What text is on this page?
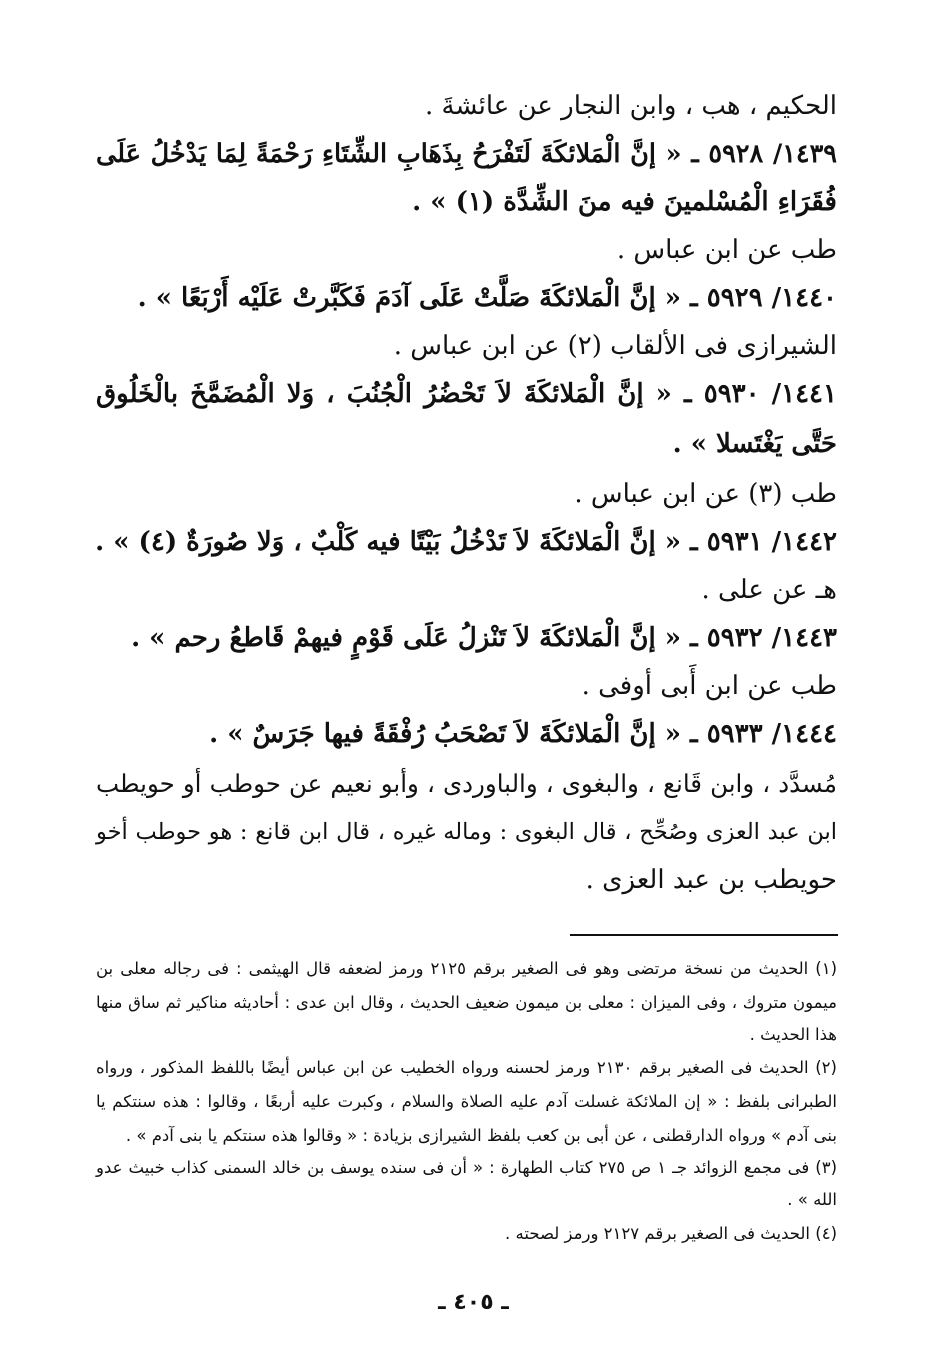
الحكيم ، هب ، وابن النجار عن عائشةَ .
١٤٣٩/ ٥٩٢٨ ـ « إنَّ الْمَلائكَةَ لَتَفْرَحُ بِذَهَابِ الشِّتَاءِ رَحْمَةً لِمَا يَدْخُلُ عَلَى
فُقَرَاءِ الْمُسْلمينَ فيه منَ الشِّدَّة (١) » .
طب عن ابن عباس .
١٤٤٠/ ٥٩٢٩ ـ « إنَّ الْمَلائكَةَ صَلَّتْ عَلَى آدَمَ فَكَبَّرتْ عَلَيْه أَرْبَعًا » .
الشيرازى فى الألقاب (٢) عن ابن عباس .
١٤٤١/ ٥٩٣٠ ـ « إنَّ الْمَلائكَةَ لاَ تَحْضُرُ الْجُنُبَ ، وَلا الْمُضَمَّخَ بالْخَلُوق
حَتَّى يَغْتَسلا » .
طب (٣) عن ابن عباس .
١٤٤٢/ ٥٩٣١ ـ « إنَّ الْمَلائكَةَ لاَ تَدْخُلُ بَيْتًا فيه كَلْبٌ ، وَلا صُورَةٌ (٤) » .
هـ عن على .
١٤٤٣/ ٥٩٣٢ ـ « إنَّ الْمَلائكَةَ لاَ تَنْزلُ عَلَى قَوْمٍ فيهمْ قَاطعُ رحم » .
طب عن ابن أَبى أوفى .
١٤٤٤/ ٥٩٣٣ ـ « إنَّ الْمَلائكَةَ لاَ تَصْحَبُ رُفْقَةً فيها جَرَسٌ » .
مُسدَّد ، وابن قَانع ، والبغوى ، والباوردى ، وأبو نعيم عن حوطب أو حويطب
ابن عبد العزى وصُحِّح ، قال البغوى : وماله غيره ، قال ابن قانع : هو حوطب أخو
حويطب بن عبد العزى .
(١) الحديث من نسخة مرتضى وهو فى الصغير برقم ٢١٢٥ ورمز لضعفه قال الهيثمى : فى رجاله معلى بن
ميمون متروك ، وفى الميزان : معلى بن ميمون ضعيف الحديث ، وقال ابن عدى : أحاديثه مناكير ثم ساق منها
هذا الحديث .
(٢) الحديث فى الصغير برقم ٢١٣٠ ورمز لحسنه ورواه الخطيب عن ابن عباس أيضًا باللفظ المذكور ، ورواه
الطبرانى بلفظ : « إن الملائكة غسلت آدم عليه الصلاة والسلام ، وكبرت عليه أربعًا ، وقالوا : هذه سنتكم يا
بنى آدم » ورواه الدارقطنى ، عن أبى بن كعب بلفظ الشيرازى بزيادة : « وقالوا هذه سنتكم يا بنى آدم » .
(٣) فى مجمع الزوائد جـ ١ ص ٢٧٥ كتاب الطهارة : « أن فى سنده يوسف بن خالد السمنى كذاب خبيث عدو
الله » .
(٤) الحديث فى الصغير برقم ٢١٢٧ ورمز لصحته .
ـ ٤٠٥ ـ
